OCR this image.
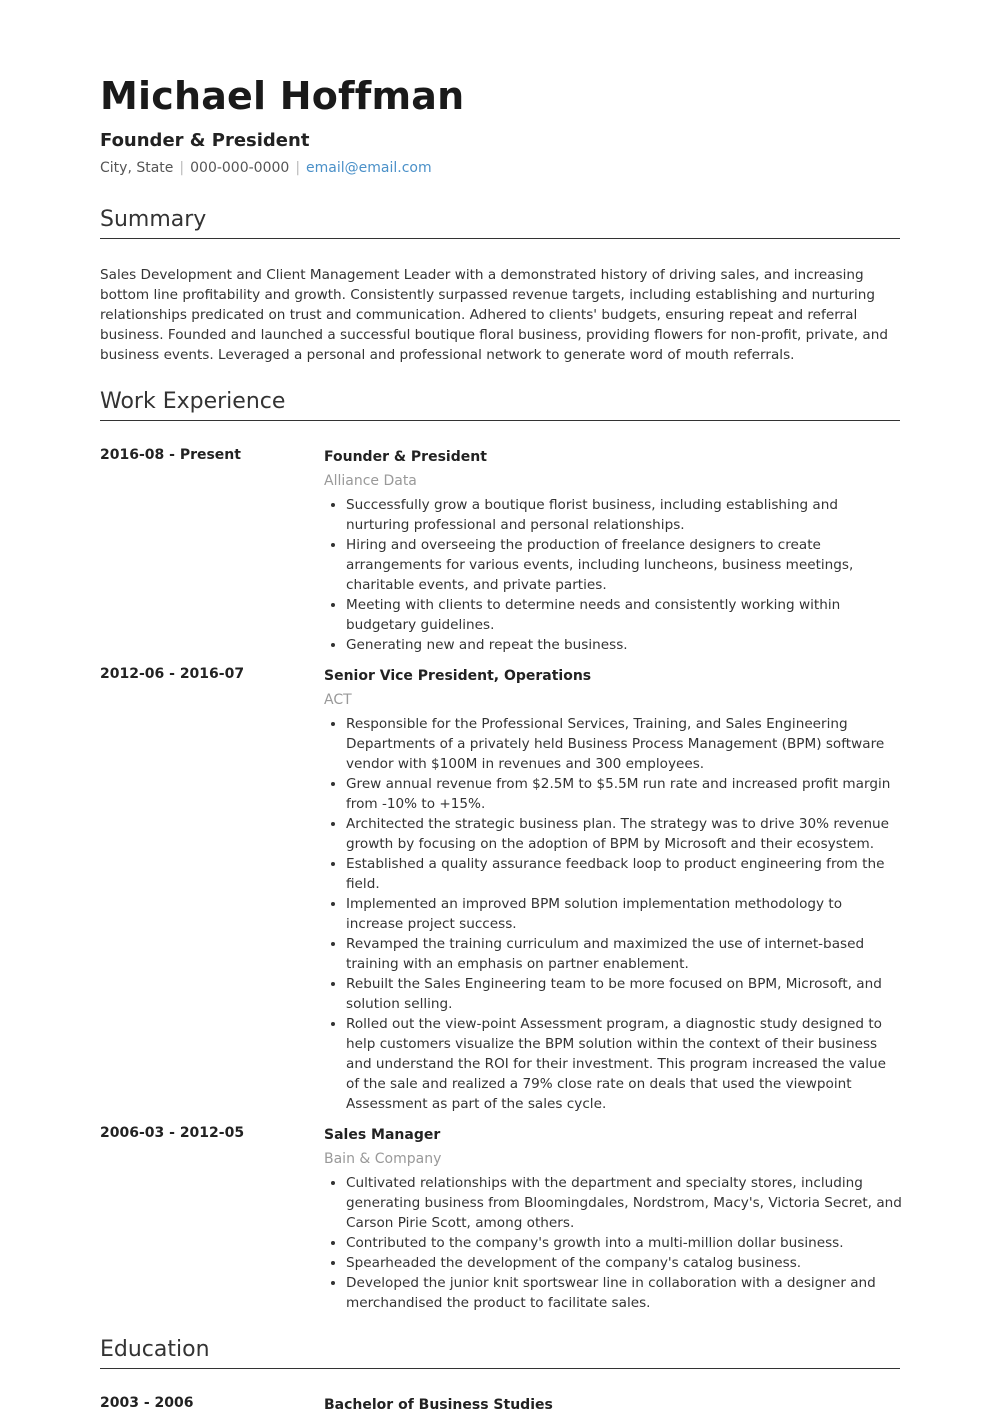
Michael Hoffman
Founder & President
City, State | 000-000-0000 | email@email.com
Summary

Sales Development and Client Management Leader with a demonstrated history of driving sales, and increasing bottom line profitability and growth. Consistently surpassed revenue targets, including establishing and nurturing relationships predicated on trust and communication. Adhered to clients' budgets, ensuring repeat and referral business. Founded and launched a successful boutique floral business, providing flowers for non-profit, private, and business events. Leveraged a personal and professional network to generate word of mouth referrals.

Work Experience
2016-08 - Present	Founder & President
Alliance Data
• Successfully grow a boutique florist business, including establishing and nurturing professional and personal relationships.
• Hiring and overseeing the production of freelance designers to create arrangements for various events, including luncheons, business meetings, charitable events, and private parties.
• Meeting with clients to determine needs and consistently working within budgetary guidelines.
• Generating new and repeat the business.
2012-06 - 2016-07	Senior Vice President, Operations
ACT
• Responsible for the Professional Services, Training, and Sales Engineering Departments of a privately held Business Process Management (BPM) software vendor with $100M in revenues and 300 employees.
• Grew annual revenue from $2.5M to $5.5M run rate and increased profit margin from -10% to +15%.
• Architected the strategic business plan. The strategy was to drive 30% revenue growth by focusing on the adoption of BPM by Microsoft and their ecosystem.
• Established a quality assurance feedback loop to product engineering from the field.
• Implemented an improved BPM solution implementation methodology to increase project success.
• Revamped the training curriculum and maximized the use of internet-based training with an emphasis on partner enablement.
• Rebuilt the Sales Engineering team to be more focused on BPM, Microsoft, and solution selling.
• Rolled out the view-point Assessment program, a diagnostic study designed to help customers visualize the BPM solution within the context of their business and understand the ROI for their investment. This program increased the value of the sale and realized a 79% close rate on deals that used the viewpoint Assessment as part of the sales cycle.
2006-03 - 2012-05	Sales Manager
Bain & Company
• Cultivated relationships with the department and specialty stores, including generating business from Bloomingdales, Nordstrom, Macy's, Victoria Secret, and Carson Pirie Scott, among others.
• Contributed to the company's growth into a multi-million dollar business.
• Spearheaded the development of the company's catalog business.
• Developed the junior knit sportswear line in collaboration with a designer and merchandised the product to facilitate sales.
Education
2003 - 2006	Bachelor of Business Studies
